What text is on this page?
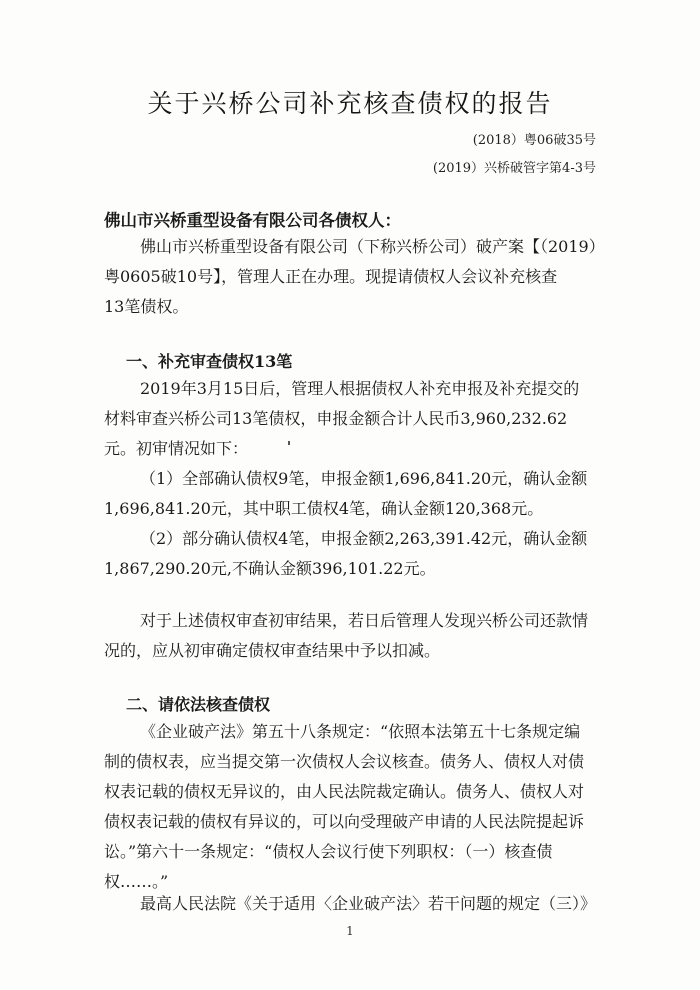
关于兴桥公司补充核查债权的报告
(2018）粤06破35号
(2019）兴桥破管字第4-3号
佛山市兴桥重型设备有限公司各债权人：
佛山市兴桥重型设备有限公司（下称兴桥公司）破产案【（2019）
粤0605破10号】，管理人正在办理。现提请债权人会议补充核查
13笔债权。
一、补充审查债权13笔
2019年3月15日后，管理人根据债权人补充申报及补充提交的
材料审查兴桥公司13笔债权，申报金额合计人民币3,960,232.62
元。初审情况如下：
（1）全部确认债权9笔，申报金额1,696,841.20元，确认金额
1,696,841.20元，其中职工债权4笔，确认金额120,368元。
（2）部分确认债权4笔，申报金额2,263,391.42元，确认金额
1,867,290.20元,不确认金额396,101.22元。
对于上述债权审查初审结果，若日后管理人发现兴桥公司还款情
况的，应从初审确定债权审查结果中予以扣减。
二、请依法核查债权
《企业破产法》第五十八条规定：“依照本法第五十七条规定编
制的债权表，应当提交第一次债权人会议核查。债务人、债权人对债
权表记载的债权无异议的，由人民法院裁定确认。债务人、债权人对
债权表记载的债权有异议的，可以向受理破产申请的人民法院提起诉
讼。”第六十一条规定：“债权人会议行使下列职权：（一）核查债
权……。”
最高人民法院《关于适用〈企业破产法〉若干问题的规定（三）》
1
